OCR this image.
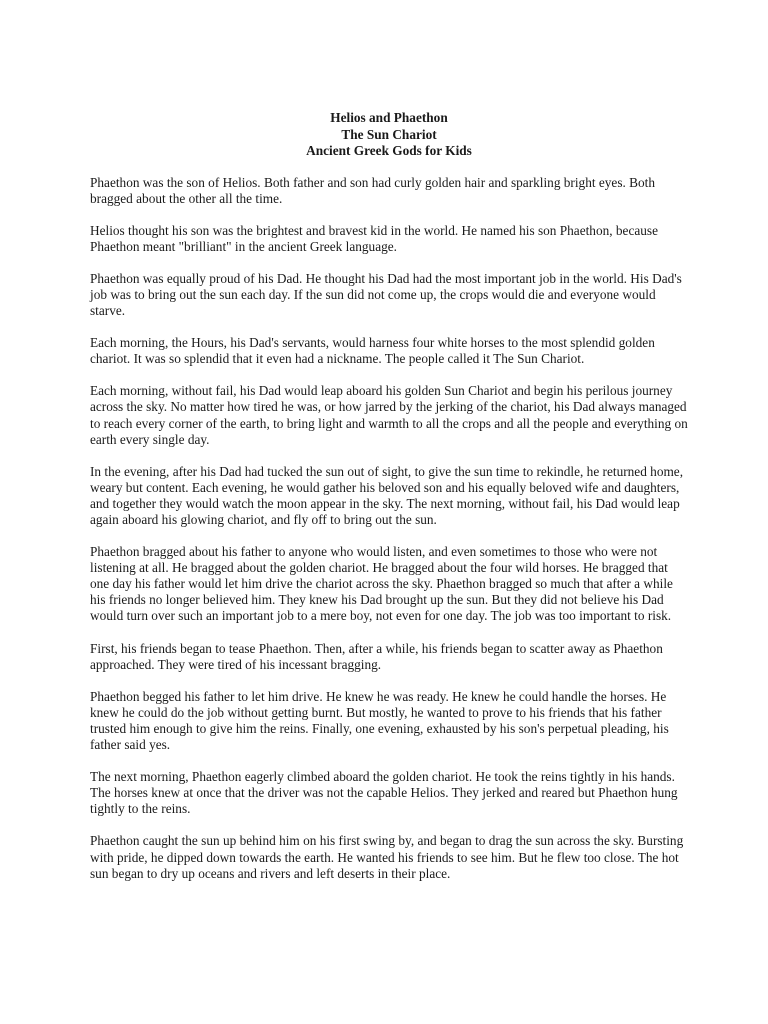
Helios and Phaethon
The Sun Chariot
Ancient Greek Gods for Kids

Phaethon was the son of Helios. Both father and son had curly golden hair and sparkling bright eyes. Both bragged about the other all the time.

Helios thought his son was the brightest and bravest kid in the world. He named his son Phaethon, because Phaethon meant "brilliant" in the ancient Greek language.

Phaethon was equally proud of his Dad. He thought his Dad had the most important job in the world. His Dad's job was to bring out the sun each day. If the sun did not come up, the crops would die and everyone would starve.

Each morning, the Hours, his Dad's servants, would harness four white horses to the most splendid golden chariot. It was so splendid that it even had a nickname. The people called it The Sun Chariot.

Each morning, without fail, his Dad would leap aboard his golden Sun Chariot and begin his perilous journey across the sky. No matter how tired he was, or how jarred by the jerking of the chariot, his Dad always managed to reach every corner of the earth, to bring light and warmth to all the crops and all the people and everything on earth every single day.

In the evening, after his Dad had tucked the sun out of sight, to give the sun time to rekindle, he returned home, weary but content. Each evening, he would gather his beloved son and his equally beloved wife and daughters, and together they would watch the moon appear in the sky. The next morning, without fail, his Dad would leap again aboard his glowing chariot, and fly off to bring out the sun.

Phaethon bragged about his father to anyone who would listen, and even sometimes to those who were not listening at all. He bragged about the golden chariot. He bragged about the four wild horses. He bragged that one day his father would let him drive the chariot across the sky. Phaethon bragged so much that after a while his friends no longer believed him. They knew his Dad brought up the sun. But they did not believe his Dad would turn over such an important job to a mere boy, not even for one day. The job was too important to risk.

First, his friends began to tease Phaethon. Then, after a while, his friends began to scatter away as Phaethon approached. They were tired of his incessant bragging.

Phaethon begged his father to let him drive. He knew he was ready. He knew he could handle the horses. He knew he could do the job without getting burnt. But mostly, he wanted to prove to his friends that his father trusted him enough to give him the reins. Finally, one evening, exhausted by his son's perpetual pleading, his father said yes.

The next morning, Phaethon eagerly climbed aboard the golden chariot. He took the reins tightly in his hands. The horses knew at once that the driver was not the capable Helios. They jerked and reared but Phaethon hung tightly to the reins.

Phaethon caught the sun up behind him on his first swing by, and began to drag the sun across the sky. Bursting with pride, he dipped down towards the earth. He wanted his friends to see him. But he flew too close. The hot sun began to dry up oceans and rivers and left deserts in their place.
